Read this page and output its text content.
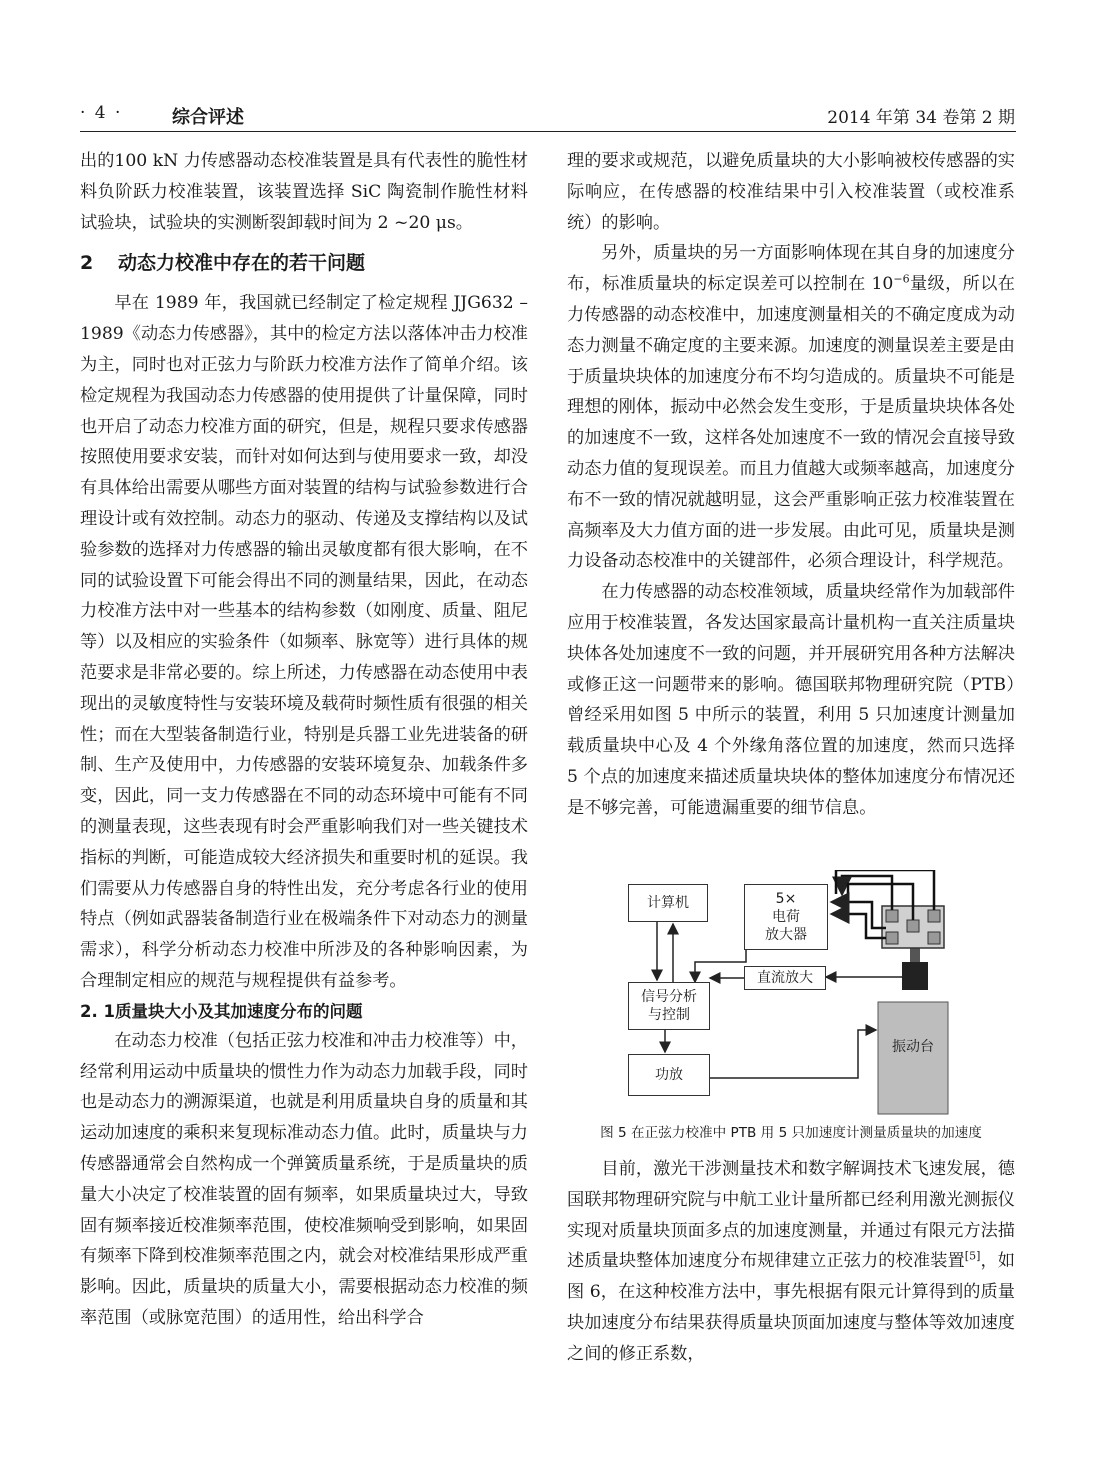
· 4 ·	综合评述	2014 年第 34 卷第 2 期

出的100 kN 力传感器动态校准装置是具有代表性的脆性材料负阶跃力校准装置，该装置选择 SiC 陶瓷制作脆性材料试验块，试验块的实测断裂卸载时间为 2 ~20 μs。

2 动态力校准中存在的若干问题

早在 1989 年，我国就已经制定了检定规程 JJG632 –1989《动态力传感器》，其中的检定方法以落体冲击力校准为主，同时也对正弦力与阶跃力校准方法作了简单介绍。该检定规程为我国动态力传感器的使用提供了计量保障，同时也开启了动态力校准方面的研究，但是，规程只要求传感器按照使用要求安装，而针对如何达到与使用要求一致，却没有具体给出需要从哪些方面对装置的结构与试验参数进行合理设计或有效控制。动态力的驱动、传递及支撑结构以及试验参数的选择对力传感器的输出灵敏度都有很大影响，在不同的试验设置下可能会得出不同的测量结果，因此，在动态力校准方法中对一些基本的结构参数（如刚度、质量、阻尼等）以及相应的实验条件（如频率、脉宽等）进行具体的规范要求是非常必要的。综上所述，力传感器在动态使用中表现出的灵敏度特性与安装环境及载荷时频性质有很强的相关性；而在大型装备制造行业，特别是兵器工业先进装备的研制、生产及使用中，力传感器的安装环境复杂、加载条件多变，因此，同一支力传感器在不同的动态环境中可能有不同的测量表现，这些表现有时会严重影响我们对一些关键技术指标的判断，可能造成较大经济损失和重要时机的延误。我们需要从力传感器自身的特性出发，充分考虑各行业的使用特点（例如武器装备制造行业在极端条件下对动态力的测量需求），科学分析动态力校准中所涉及的各种影响因素，为合理制定相应的规范与规程提供有益参考。

2. 1质量块大小及其加速度分布的问题

在动态力校准（包括正弦力校准和冲击力校准等）中，经常利用运动中质量块的惯性力作为动态力加载手段，同时也是动态力的溯源渠道，也就是利用质量块自身的质量和其运动加速度的乘积来复现标准动态力值。此时，质量块与力传感器通常会自然构成一个弹簧质量系统，于是质量块的质量大小决定了校准装置的固有频率，如果质量块过大，导致固有频率接近校准频率范围，使校准频响受到影响，如果固有频率下降到校准频率范围之内，就会对校准结果形成严重影响。因此，质量块的质量大小，需要根据动态力校准的频率范围（或脉宽范围）的适用性，给出科学合

理的要求或规范，以避免质量块的大小影响被校传感器的实际响应，在传感器的校准结果中引入校准装置（或校准系统）的影响。

另外，质量块的另一方面影响体现在其自身的加速度分布，标准质量块的标定误差可以控制在 $10^{-6}$量级，所以在力传感器的动态校准中，加速度测量相关的不确定度成为动态力测量不确定度的主要来源。加速度的测量误差主要是由于质量块块体的加速度分布不均匀造成的。质量块不可能是理想的刚体，振动中必然会发生变形，于是质量块块体各处的加速度不一致，这样各处加速度不一致的情况会直接导致动态力值的复现误差。而且力值越大或频率越高，加速度分布不一致的情况就越明显，这会严重影响正弦力校准装置在高频率及大力值方面的进一步发展。由此可见，质量块是测力设备动态校准中的关键部件，必须合理设计，科学规范。

在力传感器的动态校准领域，质量块经常作为加载部件应用于校准装置，各发达国家最高计量机构一直关注质量块块体各处加速度不一致的问题，并开展研究用各种方法解决或修正这一问题带来的影响。德国联邦物理研究院（PTB）曾经采用如图 5 中所示的装置，利用 5 只加速度计测量加载质量块中心及 4 个外缘角落位置的加速度，然而只选择 5 个点的加速度来描述质量块块体的整体加速度分布情况还是不够完善，可能遗漏重要的细节信息。

计算机	5×
电荷
放大器
信号分析
与控制
直流放大
功放
振动台
图 5 在正弦力校准中 PTB 用 5 只加速度计测量质量块的加速度

目前，激光干涉测量技术和数字解调技术飞速发展，德国联邦物理研究院与中航工业计量所都已经利用激光测振仪实现对质量块顶面多点的加速度测量，并通过有限元方法描述质量块整体加速度分布规律建立正弦力的校准装置[5]，如图 6，在这种校准方法中，事先根据有限元计算得到的质量块加速度分布结果获得质量块顶面加速度与整体等效加速度之间的修正系数，
